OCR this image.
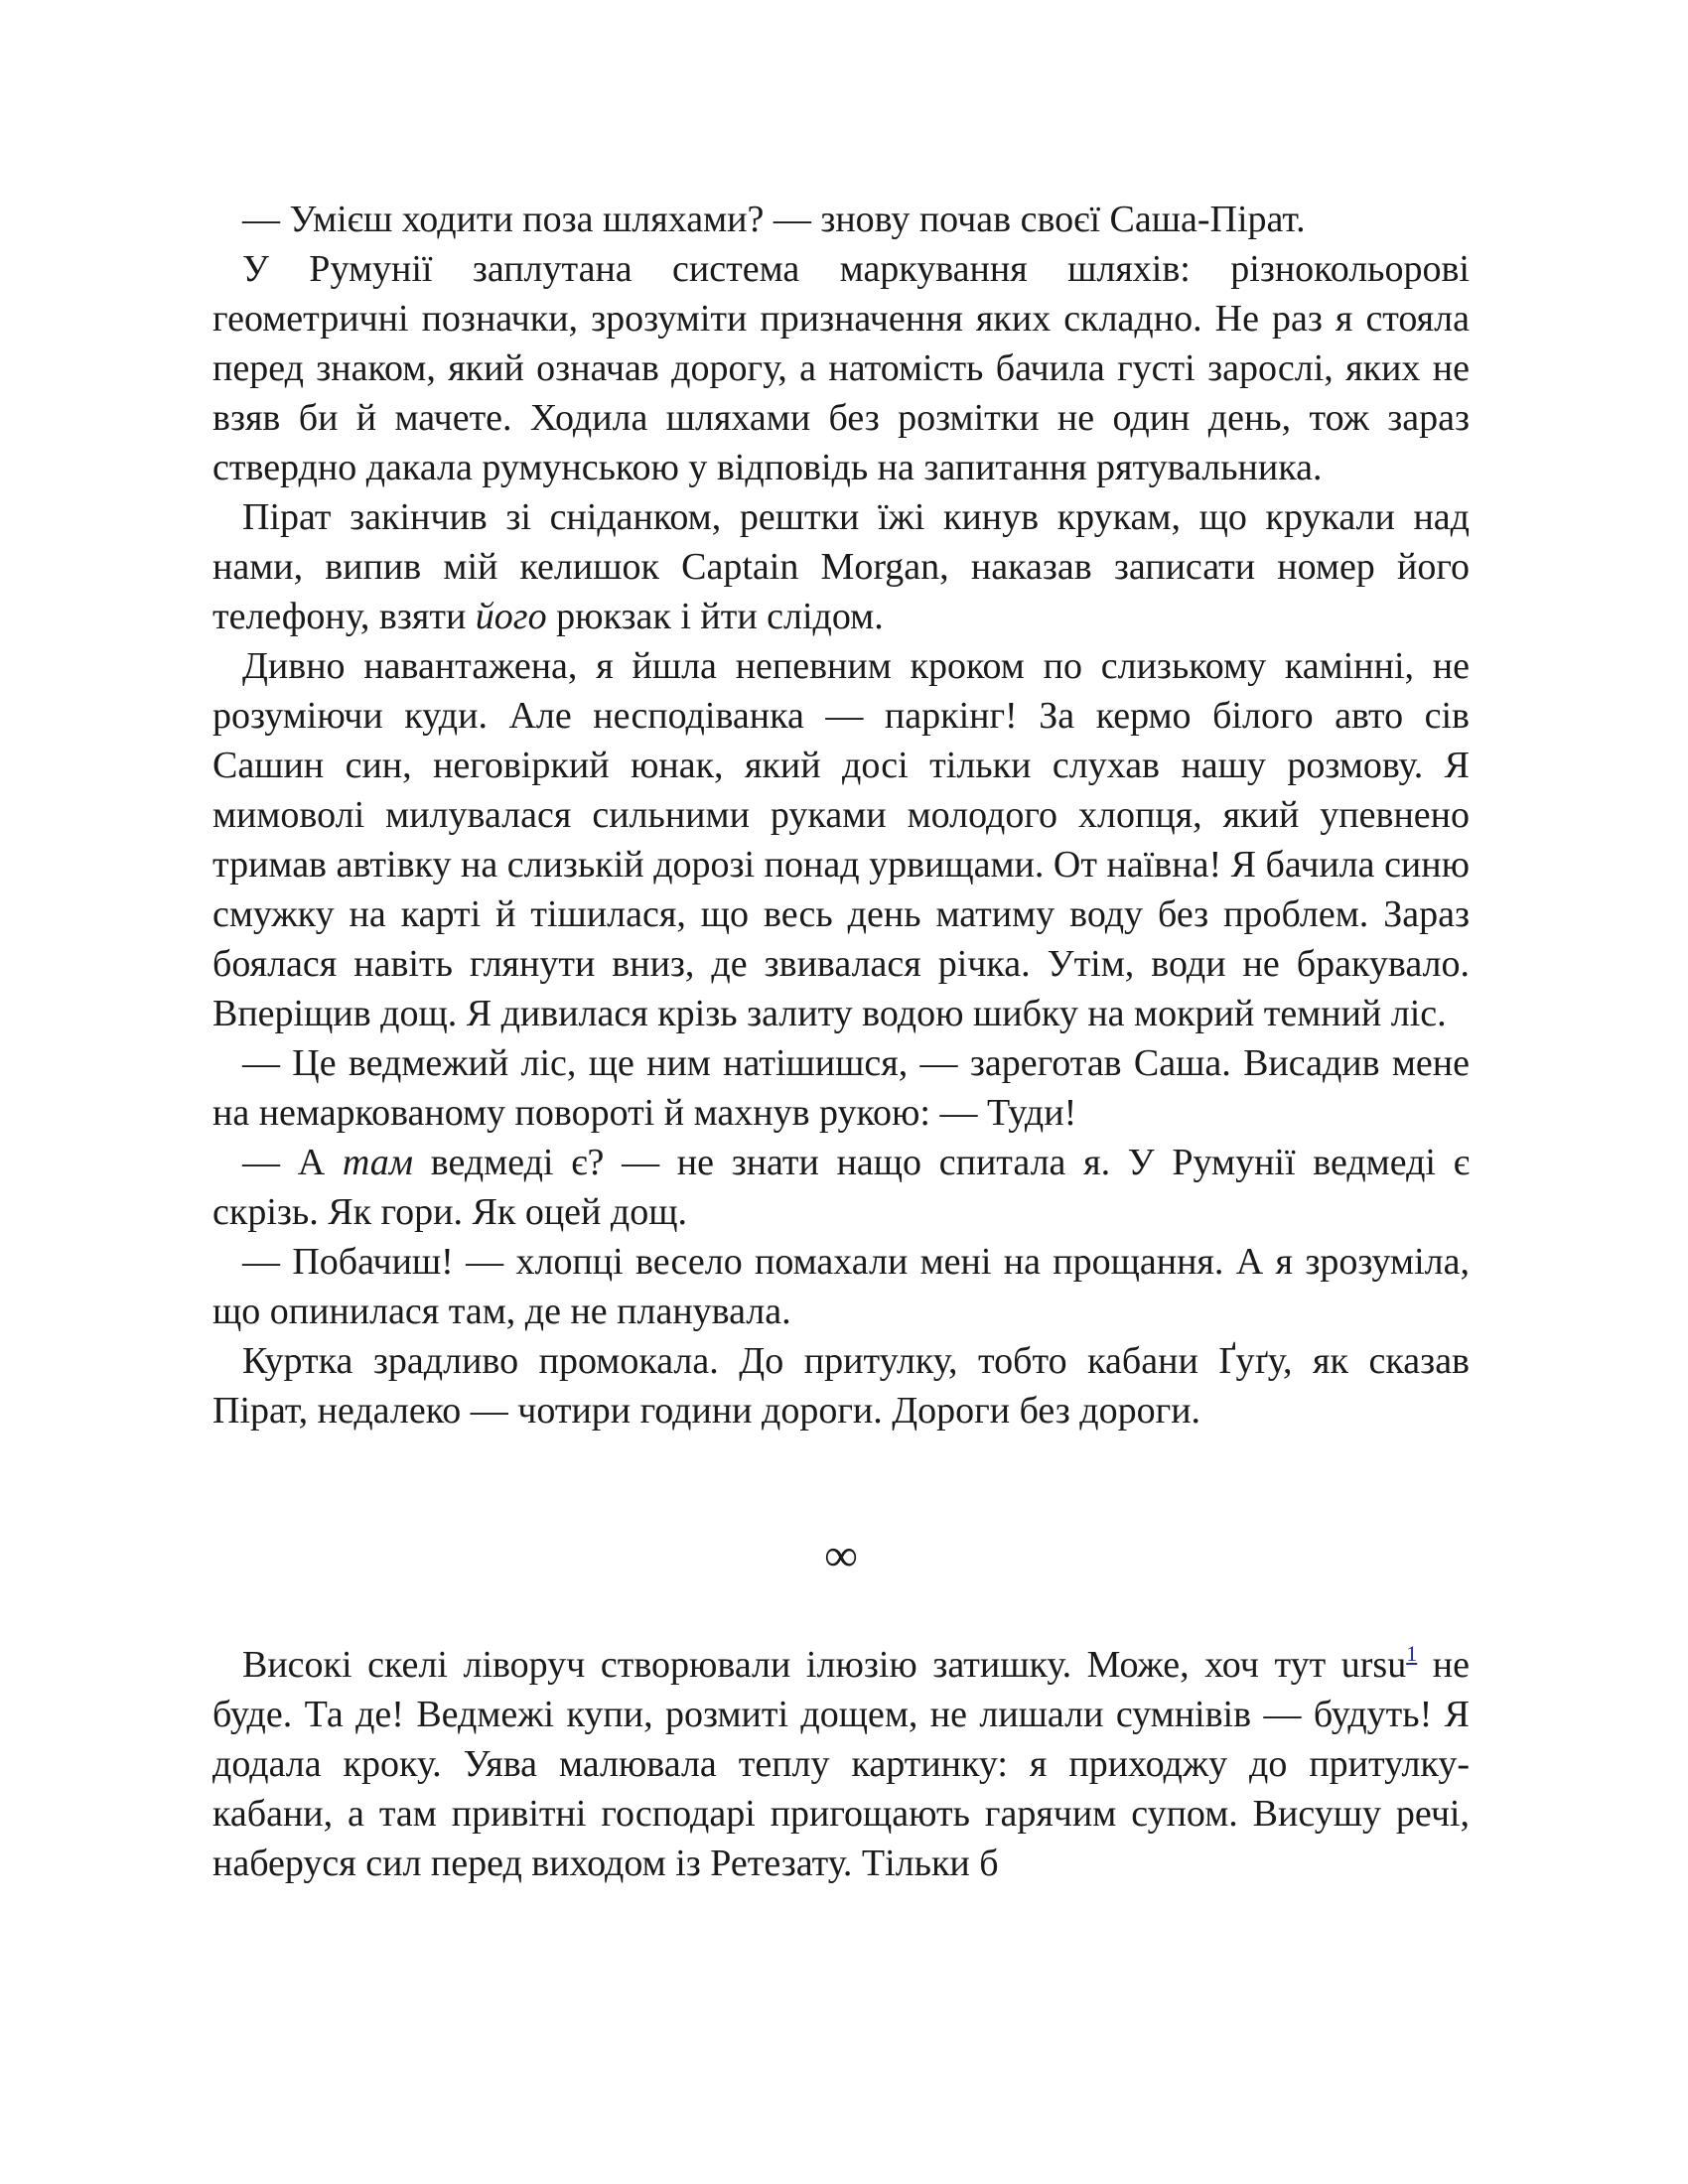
— Умієш ходити поза шляхами? — знову почав своєї Саша-Пірат.

У Румунії заплутана система маркування шляхів: різнокольорові геометричні позначки, зрозуміти призначення яких складно. Не раз я стояла перед знаком, який означав дорогу, а натомість бачила густі зарослі, яких не взяв би й мачете. Ходила шляхами без розмітки не один день, тож зараз ствердно дакала румунською у відповідь на запитання рятувальника.

Пірат закінчив зі сніданком, рештки їжі кинув крукам, що крукали над нами, випив мій келишок Captain Morgan, наказав записати номер його телефону, взяти його рюкзак і йти слідом.

Дивно навантажена, я йшла непевним кроком по слизькому камінні, не розуміючи куди. Але несподіванка — паркінг! За кермо білого авто сів Сашин син, неговіркий юнак, який досі тільки слухав нашу розмову. Я мимоволі милувалася сильними руками молодого хлопця, який упевнено тримав автівку на слизькій дорозі понад урвищами. От наївна! Я бачила синю смужку на карті й тішилася, що весь день матиму воду без проблем. Зараз боялася навіть глянути вниз, де звивалася річка. Утім, води не бракувало. Вперіщив дощ. Я дивилася крізь залиту водою шибку на мокрий темний ліс.

— Це ведмежий ліс, ще ним натішишся, — зареготав Саша. Висадив мене на немаркованому повороті й махнув рукою: — Туди!

— А там ведмеді є? — не знати нащо спитала я. У Румунії ведмеді є скрізь. Як гори. Як оцей дощ.

— Побачиш! — хлопці весело помахали мені на прощання. А я зрозуміла, що опинилася там, де не планувала.

Куртка зрадливо промокала. До притулку, тобто кабани Ґуґу, як сказав Пірат, недалеко — чотири години дороги. Дороги без дороги.

∞

Високі скелі ліворуч створювали ілюзію затишку. Може, хоч тут ursu$^1$ не буде. Та де! Ведмежі купи, розмиті дощем, не лишали сумнівів — будуть! Я додала кроку. Уява малювала теплу картинку: я приходжу до притулку-кабани, а там привітні господарі пригощають гарячим супом. Висушу речі, наберуся сил перед виходом із Ретезату. Тільки б
